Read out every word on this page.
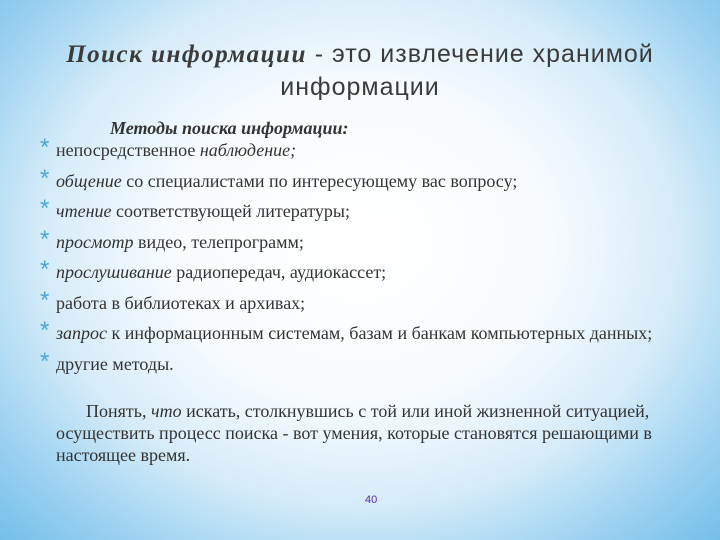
Поиск информации - это извлечение хранимой информации
Методы поиска информации:
* непосредственное наблюдение;
* общение со специалистами по интересующему вас вопросу;
* чтение соответствующей литературы;
* просмотр видео, телепрограмм;
* прослушивание радиопередач, аудиокассет;
* работа в библиотеках и архивах;
* запрос к информационным системам, базам и банкам компьютерных данных;
* другие методы.
Понять, что искать, столкнувшись с той или иной жизненной ситуацией, осуществить процесс поиска - вот умения, которые становятся решающими в настоящее время.
40
